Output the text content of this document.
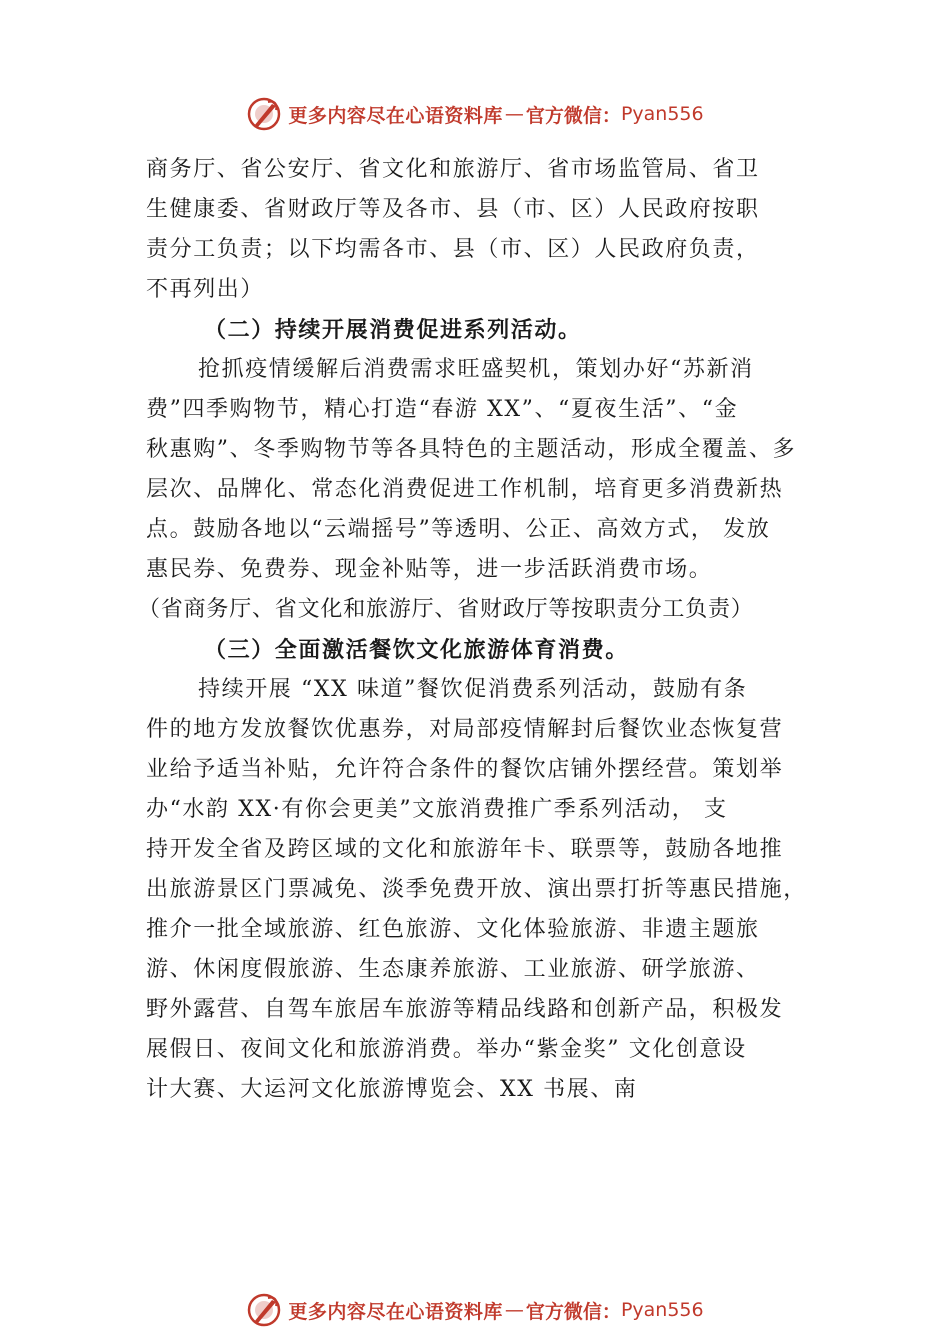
更多内容尽在心语资料库 — 官方微信： Pyan556
商务厅、省公安厅、省文化和旅游厅、省市场监管局、省卫
生健康委、省财政厅等及各市、县（市、区）人民政府按职
责分工负责；以下均需各市、县（市、区）人民政府负责，
不再列出）
（二）持续开展消费促进系列活动。
抢抓疫情缓解后消费需求旺盛契机，策划办好“苏新消
费”四季购物节，精心打造“春游 XX”、“夏夜生活”、“金
秋惠购”、冬季购物节等各具特色的主题活动，形成全覆盖、多
层次、品牌化、常态化消费促进工作机制，培育更多消费新热
点。鼓励各地以“云端摇号”等透明、公正、高效方式， 发放
惠民券、免费券、现金补贴等，进一步活跃消费市场。
（省商务厅、省文化和旅游厅、省财政厅等按职责分工负责）
（三）全面激活餐饮文化旅游体育消费。
持续开展 “XX 味道”餐饮促消费系列活动，鼓励有条
件的地方发放餐饮优惠券，对局部疫情解封后餐饮业态恢复营
业给予适当补贴，允许符合条件的餐饮店铺外摆经营。策划举
办“水韵 XX·有你会更美”文旅消费推广季系列活动， 支
持开发全省及跨区域的文化和旅游年卡、联票等，鼓励各地推
出旅游景区门票减免、淡季免费开放、演出票打折等惠民措施，
推介一批全域旅游、红色旅游、文化体验旅游、非遗主题旅
游、休闲度假旅游、生态康养旅游、工业旅游、研学旅游、
野外露营、自驾车旅居车旅游等精品线路和创新产品，积极发
展假日、夜间文化和旅游消费。举办“紫金奖” 文化创意设
计大赛、大运河文化旅游博览会、XX 书展、南
更多内容尽在心语资料库 — 官方微信： Pyan556
